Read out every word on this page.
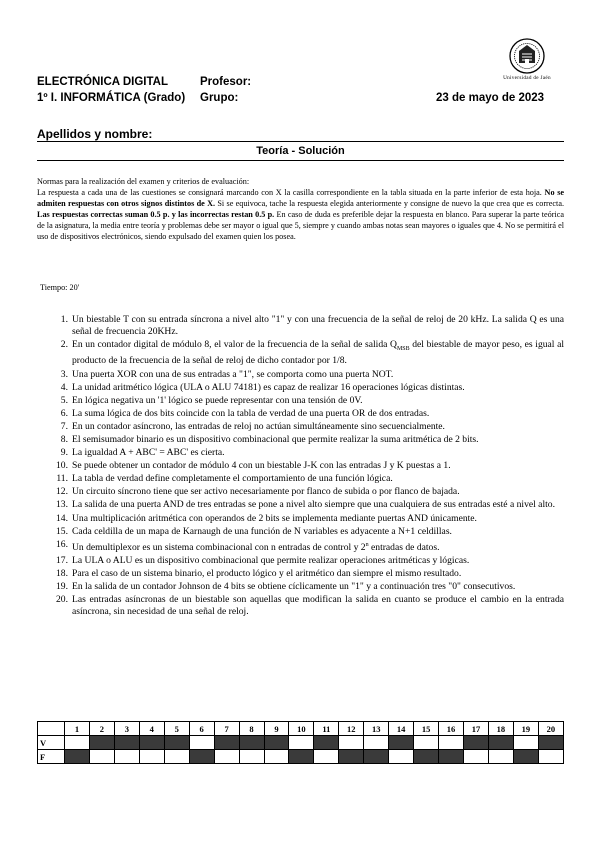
ELECTRÓNICA DIGITAL	Profesor:
1º I. INFORMÁTICA (Grado) Grupo:	23 de mayo de 2023
Universidad de Jaén
Apellidos y nombre:
Teoría - Solución
Normas para la realización del examen y criterios de evaluación:
La respuesta a cada una de las cuestiones se consignará marcando con X la casilla correspondiente en la tabla situada en la parte inferior de esta hoja. No se admiten respuestas con otros signos distintos de X. Si se equivoca, tache la respuesta elegida anteriormente y consigne de nuevo la que crea que es correcta. Las respuestas correctas suman 0.5 p. y las incorrectas restan 0.5 p. En caso de duda es preferible dejar la respuesta en blanco. Para superar la parte teórica de la asignatura, la media entre teoría y problemas debe ser mayor o igual que 5, siempre y cuando ambas notas sean mayores o iguales que 4. No se permitirá el uso de dispositivos electrónicos, siendo expulsado del examen quien los posea.
Tiempo: 20'
1. Un biestable T con su entrada síncrona a nivel alto "1" y con una frecuencia de la señal de reloj de 20 kHz. La salida Q es una señal de frecuencia 20KHz.
2. En un contador digital de módulo 8, el valor de la frecuencia de la señal de salida $Q_{MSB}$ del biestable de mayor peso, es igual al producto de la frecuencia de la señal de reloj de dicho contador por 1/8.
3. Una puerta XOR con una de sus entradas a "1", se comporta como una puerta NOT.
4. La unidad aritmético lógica (ULA o ALU 74181) es capaz de realizar 16 operaciones lógicas distintas.
5. En lógica negativa un '1' lógico se puede representar con una tensión de 0V.
6. La suma lógica de dos bits coincide con la tabla de verdad de una puerta OR de dos entradas.
7. En un contador asíncrono, las entradas de reloj no actúan simultáneamente sino secuencialmente.
8. El semisumador binario es un dispositivo combinacional que permite realizar la suma aritmética de 2 bits.
9. La igualdad A + ABC' = ABC' es cierta.
10. Se puede obtener un contador de módulo 4 con un biestable J-K con las entradas J y K puestas a 1.
11. La tabla de verdad define completamente el comportamiento de una función lógica.
12. Un circuito síncrono tiene que ser activo necesariamente por flanco de subida o por flanco de bajada.
13. La salida de una puerta AND de tres entradas se pone a nivel alto siempre que una cualquiera de sus entradas esté a nivel alto.
14. Una multiplicación aritmética con operandos de 2 bits se implementa mediante puertas AND únicamente.
15. Cada celdilla de un mapa de Karnaugh de una función de N variables es adyacente a N+1 celdillas.
16. Un demultiplexor es un sistema combinacional con n entradas de control y 2$^n$ entradas de datos.
17. La ULA o ALU es un dispositivo combinacional que permite realizar operaciones aritméticas y lógicas.
18. Para el caso de un sistema binario, el producto lógico y el aritmético dan siempre el mismo resultado.
19. En la salida de un contador Johnson de 4 bits se obtiene cíclicamente un "1" y a continuación tres "0" consecutivos.
20. Las entradas asíncronas de un biestable son aquellas que modifican la salida en cuanto se produce el cambio en la entrada asíncrona, sin necesidad de una señal de reloj.
	1	2	3	4	5	6	7	8	9	10	11	12	13	14	15	16	17	18	19	20
V																				
F																				
